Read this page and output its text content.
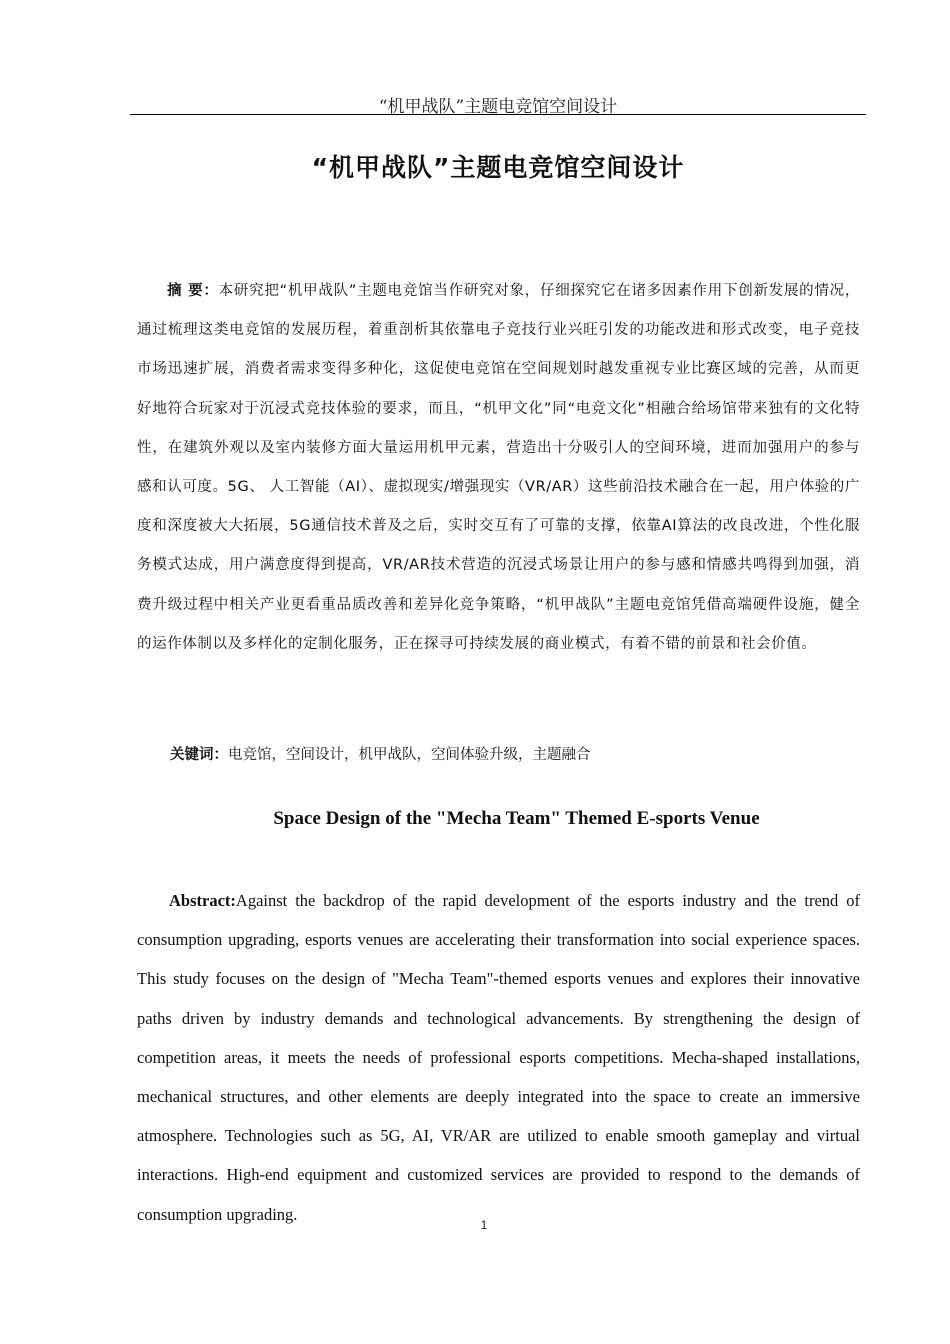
“机甲战队”主题电竞馆空间设计
“机甲战队”主题电竞馆空间设计

摘 要：本研究把“机甲战队”主题电竞馆当作研究对象，仔细探究它在诸多因素作用下创新发展的情况，通过梳理这类电竞馆的发展历程，着重剖析其依靠电子竞技行业兴旺引发的功能改进和形式改变，电子竞技市场迅速扩展，消费者需求变得多种化，这促使电竞馆在空间规划时越发重视专业比赛区域的完善，从而更好地符合玩家对于沉浸式竞技体验的要求，而且，“机甲文化”同“电竞文化”相融合给场馆带来独有的文化特性，在建筑外观以及室内装修方面大量运用机甲元素，营造出十分吸引人的空间环境，进而加强用户的参与感和认可度。5G、 人工智能（AI）、虚拟现实/增强现实（VR/AR）这些前沿技术融合在一起，用户体验的广度和深度被大大拓展，5G通信技术普及之后，实时交互有了可靠的支撑，依靠AI算法的改良改进，个性化服务模式达成，用户满意度得到提高，VR/AR技术营造的沉浸式场景让用户的参与感和情感共鸣得到加强，消费升级过程中相关产业更看重品质改善和差异化竞争策略，“机甲战队”主题电竞馆凭借高端硬件设施，健全的运作体制以及多样化的定制化服务，正在探寻可持续发展的商业模式，有着不错的前景和社会价值。

关键词：电竞馆，空间设计，机甲战队，空间体验升级，主题融合

Space Design of the "Mecha Team" Themed E-sports Venue

Abstract:Against the backdrop of the rapid development of the esports industry and the trend of consumption upgrading, esports venues are accelerating their transformation into social experience spaces. This study focuses on the design of "Mecha Team"-themed esports venues and explores their innovative paths driven by industry demands and technological advancements. By strengthening the design of competition areas, it meets the needs of professional esports competitions. Mecha-shaped installations, mechanical structures, and other elements are deeply integrated into the space to create an immersive atmosphere. Technologies such as 5G, AI, VR/AR are utilized to enable smooth gameplay and virtual interactions. High-end equipment and customized services are provided to respond to the demands of consumption upgrading.

1
